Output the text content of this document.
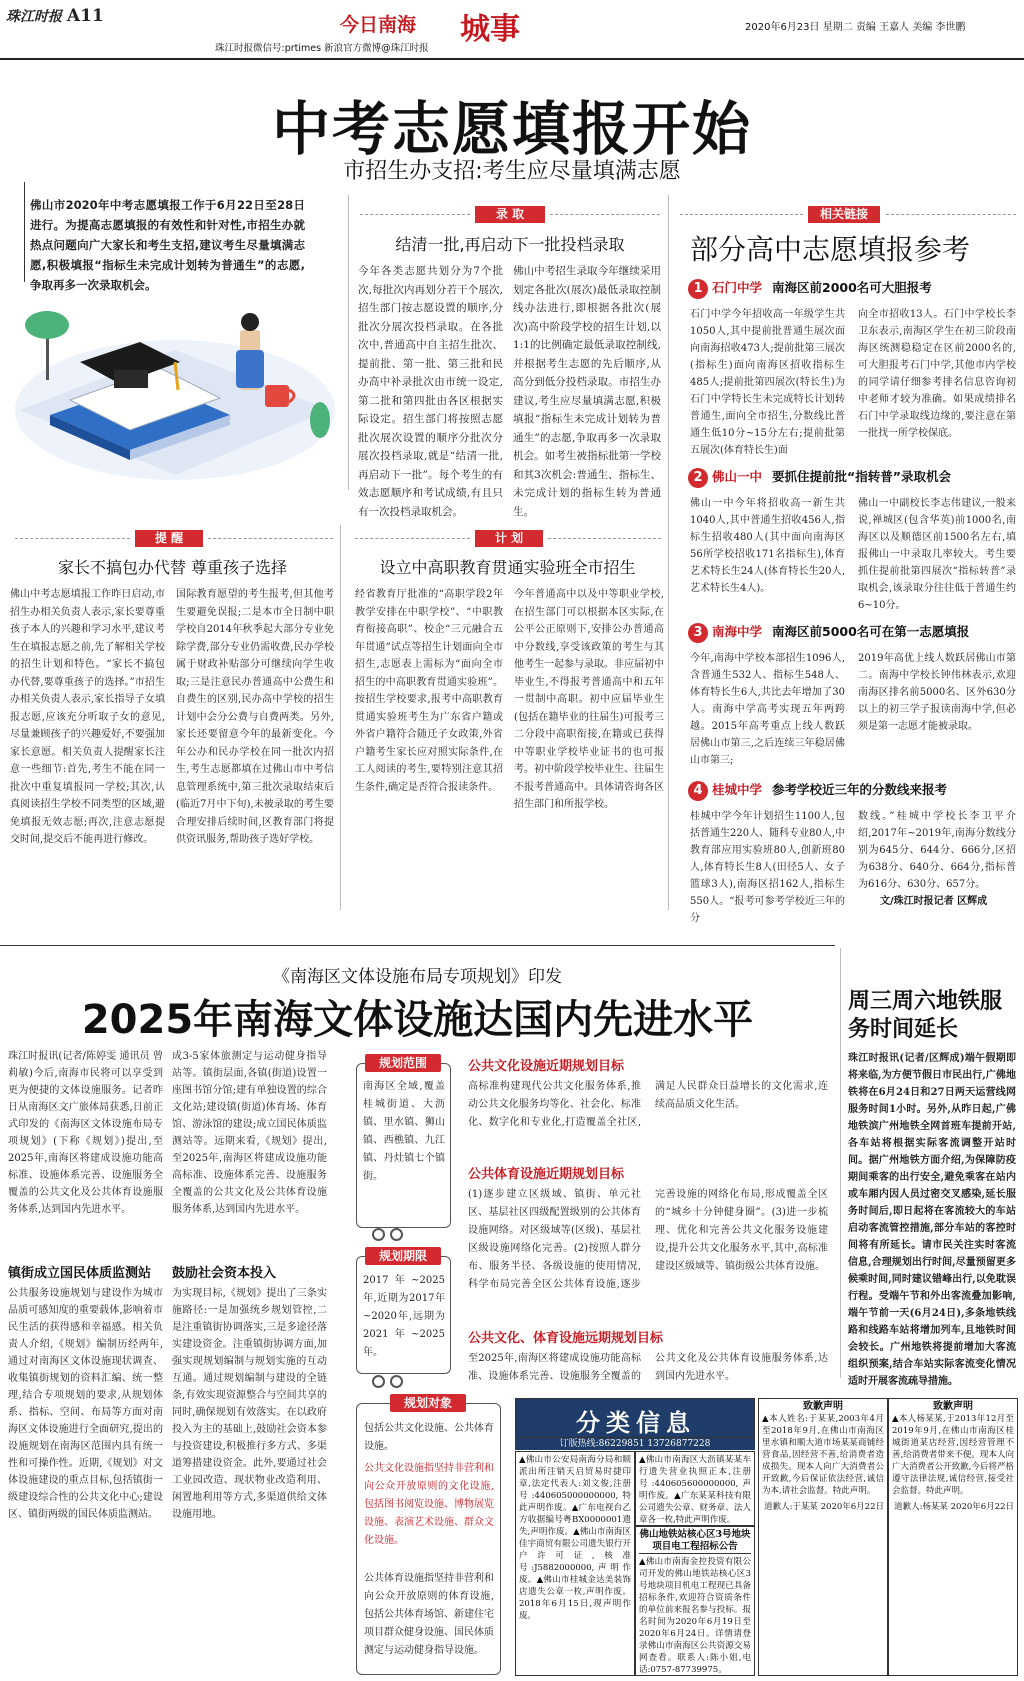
珠江时报 A11	今日南海 城事
珠江时报微信号:prtimes 新浪官方微博@珠江时报
2020年6月23日 星期二 责编 王嘉人 美编 李世鹏
中考志愿填报开始
市招生办支招:考生应尽量填满志愿
佛山市2020年中考志愿填报工作于6月22日至28日进行。为提高志愿填报的有效性和针对性,市招生办就热点问题向广大家长和考生支招,建议考生尽量填满志愿,积极填报“指标生未完成计划转为普通生”的志愿,争取再多一次录取机会。
录 取
结清一批,再启动下一批投档录取
今年各类志愿共划分为7个批次,每批次内再划分若干个展次,招生部门按志愿设置的顺序,分批次分展次投档录取。在各批次中,普通高中自主招生批次、提前批、第一批、第三批和民办高中补录批次由市统一设定,第二批和第四批由各区根据实际设定。招生部门将按照志愿批次展次设置的顺序分批次分展次投档录取,就是“结清一批,再启动下一批”。每个考生的有效志愿顺序和考试成绩,有且只有一次投档录取机会。
佛山中考招生录取今年继续采用划定各批次(展次)最低录取控制线办法进行,即根据各批次(展次)高中阶段学校的招生计划,以1:1的比例确定最低录取控制线,并根据考生志愿的先后顺序,从高分到低分投档录取。市招生办建议,考生应尽量填满志愿,积极填报“指标生未完成计划转为普通生”的志愿,争取再多一次录取机会。如考生被指标批第一学校和其3次机会:普通生、指标生、未完成计划的指标生转为普通生。
相关链接
部分高中志愿填报参考
1 石门中学 南海区前2000名可大胆报考
石门中学今年招收高一年级学生共1050人,其中提前批普通生展次面向南海招收473人;提前批第三展次(指标生)面向南海区招收指标生485人;提前批第四展次(特长生)为石门中学特长生未完成特长计划转普通生,面向全市招生,分数线比普通生低10分~15分左右;提前批第五展次(体育特长生)面
向全市招收13人。石门中学校长李卫东表示,南海区学生在初三阶段南海区统测稳稳定在区前2000名的,可大胆报考石门中学,其他市内学校的同学请仔细参考排名信息咨询初中老师才较为准确。如果成绩排名石门中学录取线边缘的,要注意在第一批找一所学校保底。
2 佛山一中 要抓住提前批“指转普”录取机会
佛山一中今年将招收高一新生共1040人,其中普通生招收456人,指标生招收480人(其中面向南海区56所学校招收171名指标生),体育艺术特长生24人(体育特长生20人,艺术特长生4人)。
佛山一中副校长李志伟建议,一般来说,禅城区(包含华英)前1000名,南海区以及顺德区前1500名左右,填报佛山一中录取几率较大。考生要抓住提前批第四展次“指标转普”录取机会,该录取分往往低于普通生约6~10分。
3 南海中学 南海区前5000名可在第一志愿填报
今年,南海中学校本部招生1096人,含普通生532人、指标生548人、体育特长生6人,共比去年增加了30人。南海中学高考实现五年两跨越。2015年高考重点上线人数跃居佛山市第三,之后连续三年稳居佛山市第三;
2019年高优上线人数跃居佛山市第二。南海中学校长钟伟林表示,欢迎南海区排名前5000名、区外630分以上的初三学子报读南海中学,但必须是第一志愿才能被录取。
4 桂城中学 参考学校近三年的分数线来报考
桂城中学今年计划招生1100人,包括普通生220人、随科专业80人,中教育部应用实验班80人,创新班80人,体育特长生8人(田径5人、女子篮球3人),南海区招162人,指标生550人。“报考可参考学校近三年的分
数线。”桂城中学校长李卫平介绍,2017年~2019年,南海分数线分别为645分、644分、666分,区招为638分、640分、664分,指标普为616分、630分、657分。
文/珠江时报记者 区辉成
提 醒
家长不搞包办代替 尊重孩子选择
佛山中考志愿填报工作昨日启动,市招生办相关负责人表示,家长要尊重孩子本人的兴趣和学习水平,建议考生在填报志愿之前,先了解相关学校的招生计划和特色。“家长不搞包办代替,要尊重孩子的选择。”市招生办相关负责人表示,家长指导子女填报志愿,应该充分听取子女的意见,尽量兼顾孩子的兴趣爱好,不要强加家长意愿。相关负责人提醒家长注意一些细节:首先,考生不能在同一批次中重复填报同一学校;其次,认真阅读招生学校不同类型的区域,避免填报无效志愿;再次,注意志愿提交时间,提交后不能再进行修改。
国际教育愿望的考生报考,但其他考生要避免误报;二是本市全日制中职学校自2014年秋季起大部分专业免除学费,部分专业仍需收费,民办学校属于财政补贴部分可继续向学生收取;三是注意民办普通高中公费生和自费生的区别,民办高中学校的招生计划中会分公费与自费两类。另外,家长还要留意今年的最新变化。今年公办和民办学校在同一批次内招生,考生志愿都填在过佛山市中考信息管理系统中,第三批次录取结束后(临近7月中下旬),未被录取的考生要合理安排后续时间,区教育部门将提供资讯服务,帮助孩子选好学校。
计 划
设立中高职教育贯通实验班全市招生
经省教育厅批准的“高职学段2年教学安排在中职学校”、“中职教育衔接高职”、校企“三元融合五年贯通”试点等招生计划面向全市招生,志愿表上需标为“面向全市招生的中高职教育贯通实验班”。按招生学校要求,报考中高职教育贯通实验班考生为广东省户籍或外省户籍符合随迁子女政策,外省户籍考生家长应对照实际条件,在工人阅读的考生,要特别注意其招生条件,确定是否符合报读条件。
今年普通高中以及中等职业学校,在招生部门可以根据本区实际,在公平公正原则下,安排公办普通高中分数线,享受该政策的考生与其他考生一起参与录取。非应届初中毕业生,不得报考普通高中和五年一贯制中高职。初中应届毕业生(包括在籍毕业的往届生)可报考三二分段中高职衔接,在籍或已获得中等职业学校毕业证书的也可报考。初中阶段学校毕业生、往届生不报考普通高中。具体请咨询各区招生部门和所报学校。
《南海区文体设施布局专项规划》印发
2025年南海文体设施达国内先进水平
珠江时报讯(记者/陈婷雯 通讯员 曾莉敏)今后,南海市民将可以享受到更为便捷的文体设施服务。记者昨日从南海区文广旅体局获悉,日前正式印发的《南海区文体设施布局专项规划》(下称《规划》)提出,至2025年,南海区将建成设施功能高标准、设施体系完善、设施服务全覆盖的公共文化及公共体育设施服务体系,达到国内先进水平。
镇街成立国民体质监测站
公共服务设施规划与建设作为城市品质可感知度的重要载体,影响着市民生活的获得感和幸福感。相关负责人介绍,《规划》编制历经两年,通过对南海区文体设施现状调查、收集镇街规划的资料汇编、统一整理,结合专项规划的要求,从规划体系、指标、空间、布局等方面对南海区文体设施进行全面研究,提出的设施规划在南海区范围内具有统一性和可操作性。近期,《规划》对文体设施建设的重点目标,包括镇街一级建设综合性的公共文化中心;建设区、镇街两级的国民体质监测站。
成3-5家体旅测定与运动健身指导站等。镇街层面,各镇(街道)设置一座图书馆分馆;建有单独设置的综合文化站;建设镇(街道)体育场、体育馆、游泳馆的建设;成立国民体质监测站等。远期来看,《规划》提出,至2025年,南海区将建成设施功能高标准、设施体系完善、设施服务全覆盖的公共文化及公共体育设施服务体系,达到国内先进水平。
鼓励社会资本投入
为实现目标,《规划》提出了三条实施路径:一是加强统乡规划管控,二是注重镇街协调落实,三是多途径落实建设资金。注重镇街协调方面,加强实现规划编制与规划实施的互动互通。通过规划编制与建设的全链条,有效实现资源整合与空间共享的同时,确保规划有效落实。在以政府投入为主的基础上,鼓励社会资本参与投资建设,积极推行多方式、多渠道筹措建设资金。此外,要通过社会工业园改造、现状物业改造利用、闲置地利用等方式,多渠道供给文体设施用地。
规划范围
南海区全域,覆盖桂城街道、大沥镇、里水镇、狮山镇、西樵镇、九江镇、丹灶镇七个镇街。
规划期限
2017年~2025年,近期为2017年~2020年,远期为2021年~2025年。
规划对象
包括公共文化设施、公共体育设施。
公共文化设施指坚持非营利和向公众开放原则的文化设施,包括图书阅览设施、博物展览设施、表演艺术设施、群众文化设施。
公共体育设施指坚持非营利和向公众开放原则的体育设施,包括公共体育场馆、新建住宅项目群众健身设施、国民体质测定与运动健身指导设施。
公共文化设施近期规划目标
高标准构建现代公共文化服务体系,推动公共文化服务均等化、社会化、标准化、数字化和专业化,打造覆盖全社区,满足人民群众日益增长的文化需求,连续高品质文化生活。
公共体育设施近期规划目标
(1)逐步建立区级域、镇街、单元社区、基层社区四级配置级别的公共体育设施网络。对区级域等(区级)、基层社区级设施网络化完善。(2)按照人群分布、服务半径、各级设施的使用情况,科学布局完善全区公共体育设施,逐步完善设施的网络化布局,形成覆盖全区的“城乡十分钟健身圈”。(3)进一步梳理、优化和完善公共文化服务设施建设,提升公共文化服务水平,其中,高标准建设区级域等、镇街级公共体育设施。
公共文化、体育设施远期规划目标
至2025年,南海区将建成设施功能高标准、设施体系完善、设施服务全覆盖的公共文化及公共体育设施服务体系,达到国内先进水平。
周三周六地铁服务时间延长
珠江时报讯(记者/区辉成)端午假期即将来临,为方便节假日市民出行,广佛地铁将在6月24日和27日两天运营线网服务时间1小时。另外,从昨日起,广佛地铁滨广州地铁全网首班车提前开站,各车站将根据实际客流调整开站时间。据广州地铁方面介绍,为保障防疫期间乘客的出行安全,避免乘客在站内或车厢内因人员过密交叉感染,延长服务时间后,即日起将在客流较大的车站启动客流管控措施,部分车站的客控时间将有所延长。请市民关注实时客流信息,合理规划出行时间,尽量预留更多候乘时间,同时建议错峰出行,以免耽误行程。受端午节和外出客流叠加影响,端午节前一天(6月24日),多条地铁线路和线路车站将增加列车,且地铁时间会较长。广州地铁将提前增加大客流组织预案,结合车站实际客流变化情况适时开展客流疏导措施。
分类信息
订版热线:86229851 13726877228
▲佛山市公安局南海分局和顺派出所注销天启贸易时捷印章,法定代表人:刘文俊,注册号:440605000000000,特此声明作废。▲广东电视台乙方收据编号粤BX0000001遗失,声明作废。▲佛山市南海区佳宇商贸有限公司遗失银行开户许可证,核准号:J5882000000,声明作废。▲佛山市桂城金达美装饰店遗失公章一枚,声明作废。2018年6月15日,现声明作废。
▲佛山市南海区大沥镇某某车行遗失营业执照正本,注册号:440605600000000,声明作废。▲广东某某科技有限公司遗失公章、财务章、法人章各一枚,特此声明作废。
佛山地铁站核心区3号地块项目电工程招标公告
▲佛山市南海金控投资有限公司开发的佛山地铁站核心区3号地块项目机电工程现已具备招标条件,欢迎符合资质条件的单位前来报名参与投标。报名时间为2020年6月19日至2020年6月24日。详情请登录佛山市南海区公共资源交易网查看。联系人:陈小姐,电话:0757-87739975。
致歉声明
▲本人姓名:于某某,2003年4月至2018年9月,在佛山市南海区里水镇和顺大道市场某某商铺经营食品,因经营不善,给消费者造成损失。现本人向广大消费者公开致歉,今后保证依法经营,诚信为本,请社会监督。特此声明。
道歉人:于某某 2020年6月22日
致歉声明
▲本人杨某某,于2013年12月至2019年9月,在佛山市南海区桂城街道某店经营,因经营管理不善,给消费者带来不便。现本人向广大消费者公开致歉,今后将严格遵守法律法规,诚信经营,接受社会监督。特此声明。
道歉人:杨某某 2020年6月22日
